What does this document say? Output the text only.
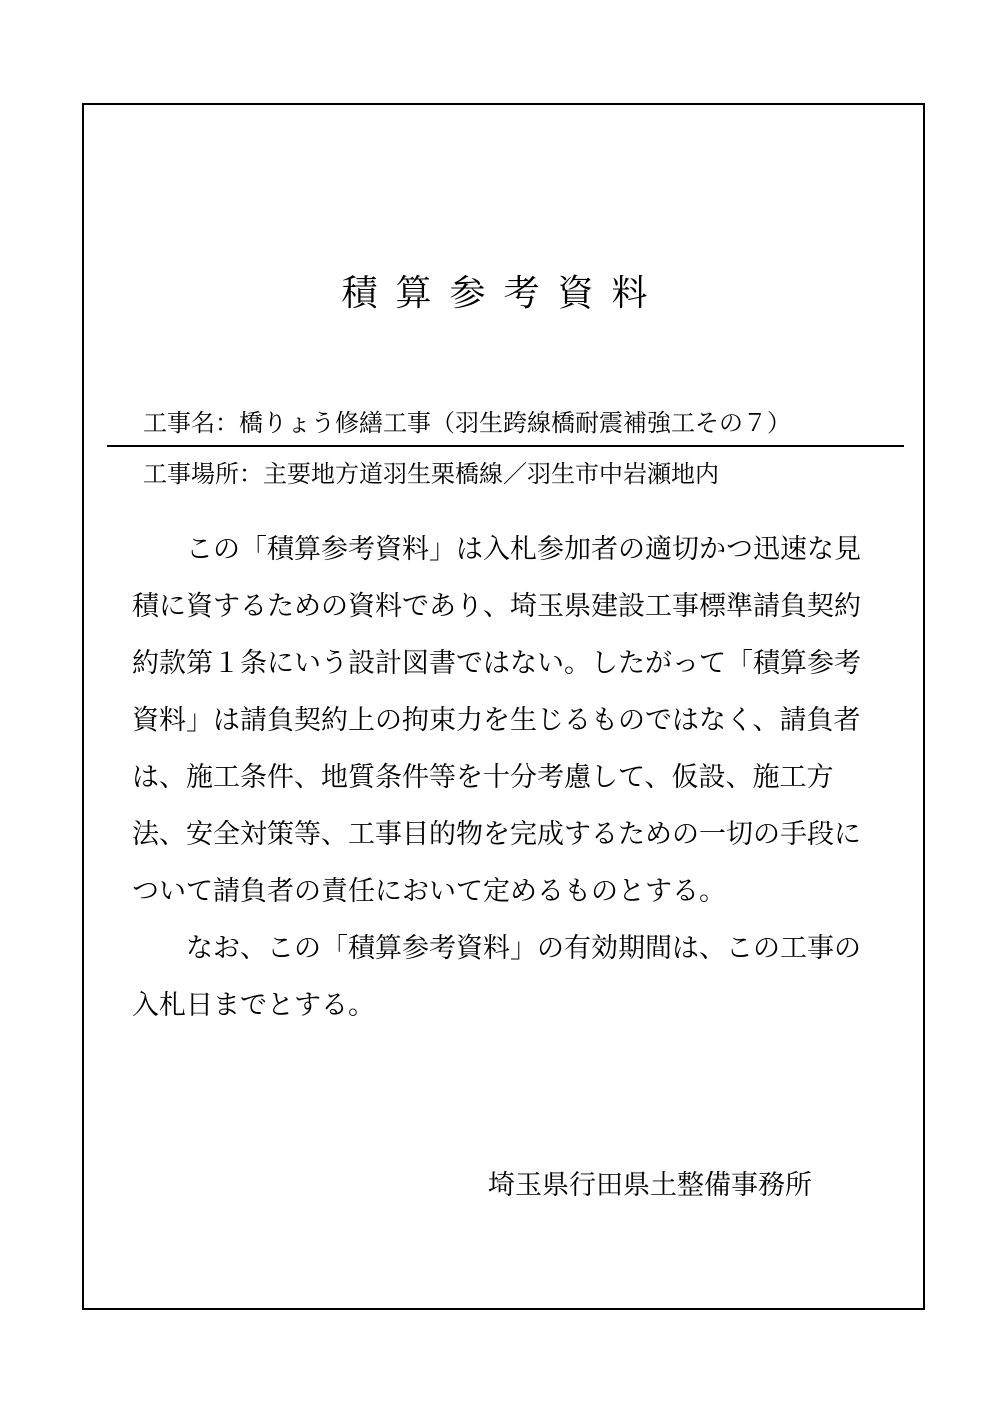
積算参考資料
工事名：橋りょう修繕工事（羽生跨線橋耐震補強工その７）
工事場所：主要地方道羽生栗橋線／羽生市中岩瀬地内

この「積算参考資料」は入札参加者の適切かつ迅速な見
積に資するための資料であり、埼玉県建設工事標準請負契約
約款第１条にいう設計図書ではない。したがって「積算参考
資料」は請負契約上の拘束力を生じるものではなく、請負者
は、施工条件、地質条件等を十分考慮して、仮設、施工方
法、安全対策等、工事目的物を完成するための一切の手段に
ついて請負者の責任において定めるものとする。

なお、この「積算参考資料」の有効期間は、この工事の
入札日までとする。

埼玉県行田県土整備事務所
